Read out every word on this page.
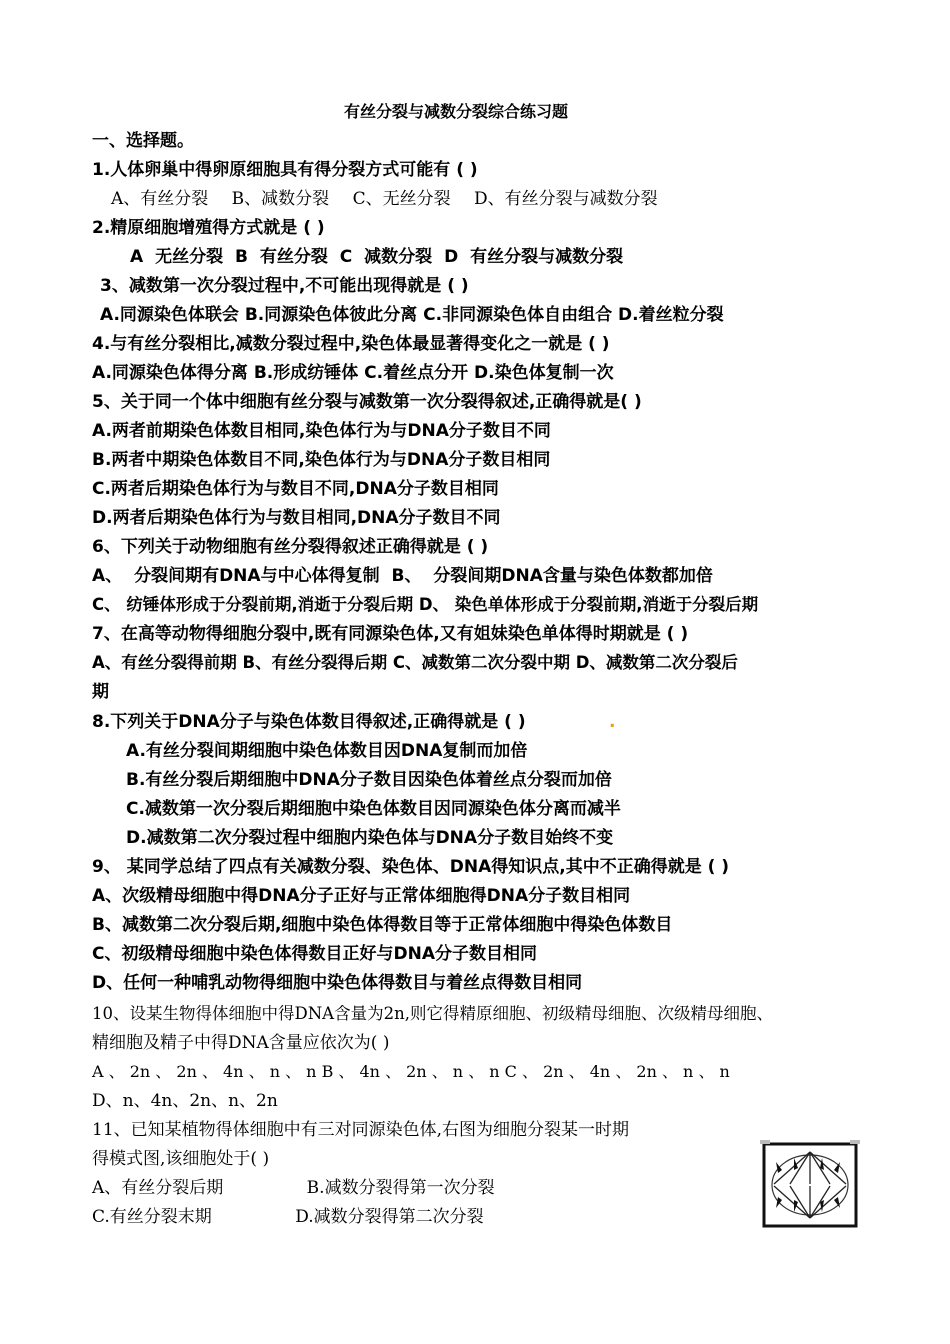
有丝分裂与减数分裂综合练习题
一、选择题。
1.人体卵巢中得卵原细胞具有得分裂方式可能有 ( )
A、有丝分裂 B、减数分裂 C、无丝分裂 D、有丝分裂与减数分裂
2.精原细胞增殖得方式就是 ( )
A 无丝分裂 B 有丝分裂 C 减数分裂 D 有丝分裂与减数分裂
3、减数第一次分裂过程中,不可能出现得就是 ( )
A.同源染色体联会 B.同源染色体彼此分离 C.非同源染色体自由组合 D.着丝粒分裂
4.与有丝分裂相比,减数分裂过程中,染色体最显著得变化之一就是 ( )
A.同源染色体得分离 B.形成纺锤体 C.着丝点分开 D.染色体复制一次
5、关于同一个体中细胞有丝分裂与减数第一次分裂得叙述,正确得就是( )
A.两者前期染色体数目相同,染色体行为与DNA分子数目不同
B.两者中期染色体数目不同,染色体行为与DNA分子数目相同
C.两者后期染色体行为与数目不同,DNA分子数目相同
D.两者后期染色体行为与数目相同,DNA分子数目不同
6、下列关于动物细胞有丝分裂得叙述正确得就是 ( )
A、 分裂间期有DNA与中心体得复制 B、 分裂间期DNA含量与染色体数都加倍
C、 纺锤体形成于分裂前期,消逝于分裂后期 D、 染色单体形成于分裂前期,消逝于分裂后期
7、在高等动物得细胞分裂中,既有同源染色体,又有姐妹染色单体得时期就是 ( )
A、有丝分裂得前期 B、有丝分裂得后期 C、减数第二次分裂中期 D、减数第二次分裂后
期
8.下列关于DNA分子与染色体数目得叙述,正确得就是 ( )	.
A.有丝分裂间期细胞中染色体数目因DNA复制而加倍
B.有丝分裂后期细胞中DNA分子数目因染色体着丝点分裂而加倍
C.减数第一次分裂后期细胞中染色体数目因同源染色体分离而减半
D.减数第二次分裂过程中细胞内染色体与DNA分子数目始终不变
9、 某同学总结了四点有关减数分裂、染色体、DNA得知识点,其中不正确得就是 ( )
A、次级精母细胞中得DNA分子正好与正常体细胞得DNA分子数目相同
B、减数第二次分裂后期,细胞中染色体得数目等于正常体细胞中得染色体数目
C、初级精母细胞中染色体得数目正好与DNA分子数目相同
D、任何一种哺乳动物得细胞中染色体得数目与着丝点得数目相同
10、设某生物得体细胞中得DNA含量为2n,则它得精原细胞、初级精母细胞、次级精母细胞、
精细胞及精子中得DNA含量应依次为( )
A 、 2n 、 2n 、 4n 、 n 、 n B 、 4n 、 2n 、 n 、 n C 、 2n 、 4n 、 2n 、 n 、 n
D、n、4n、2n、n、2n
11、已知某植物得体细胞中有三对同源染色体,右图为细胞分裂某一时期
得模式图,该细胞处于( )
A、有丝分裂后期 B.减数分裂得第一次分裂
C.有丝分裂末期 D.减数分裂得第二次分裂
